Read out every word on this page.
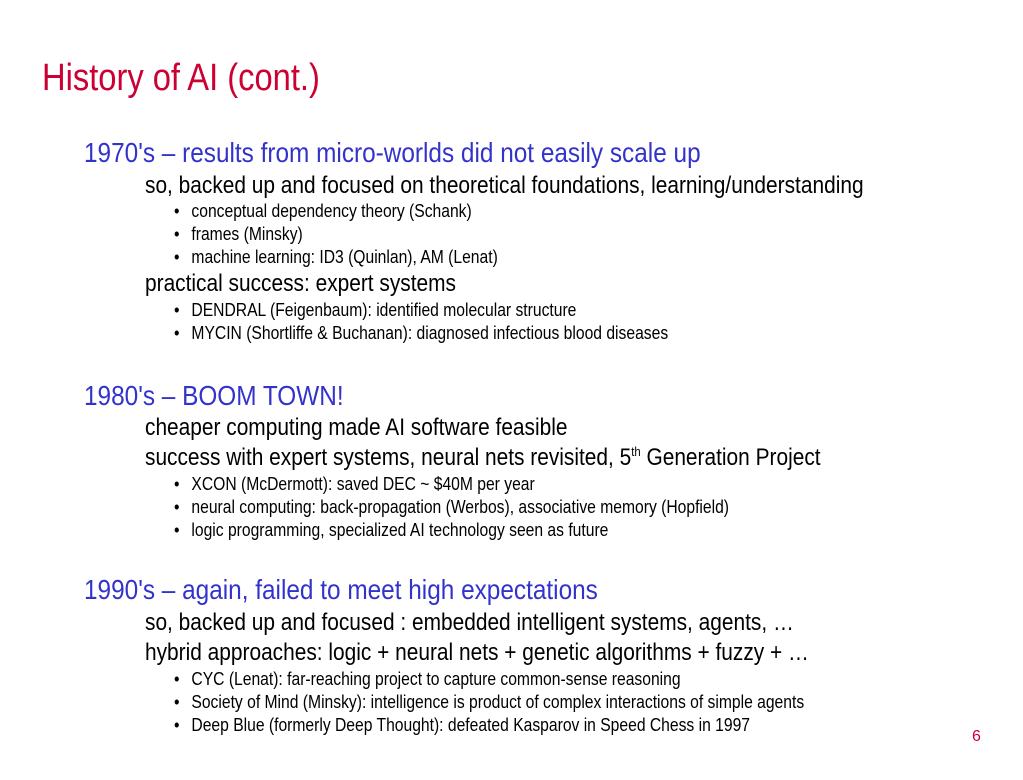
History of AI (cont.)
1970's – results from micro-worlds did not easily scale up
so, backed up and focused on theoretical foundations, learning/understanding
• conceptual dependency theory (Schank)
• frames (Minsky)
• machine learning: ID3 (Quinlan), AM (Lenat)
practical success: expert systems
• DENDRAL (Feigenbaum): identified molecular structure
• MYCIN (Shortliffe & Buchanan): diagnosed infectious blood diseases
1980's – BOOM TOWN!
cheaper computing made AI software feasible
success with expert systems, neural nets revisited, 5th Generation Project
• XCON (McDermott): saved DEC ~ $40M per year
• neural computing: back-propagation (Werbos), associative memory (Hopfield)
• logic programming, specialized AI technology seen as future
1990's – again, failed to meet high expectations
so, backed up and focused : embedded intelligent systems, agents, …
hybrid approaches: logic + neural nets + genetic algorithms + fuzzy + …
• CYC (Lenat): far-reaching project to capture common-sense reasoning
• Society of Mind (Minsky): intelligence is product of complex interactions of simple agents
• Deep Blue (formerly Deep Thought): defeated Kasparov in Speed Chess in 1997
6
